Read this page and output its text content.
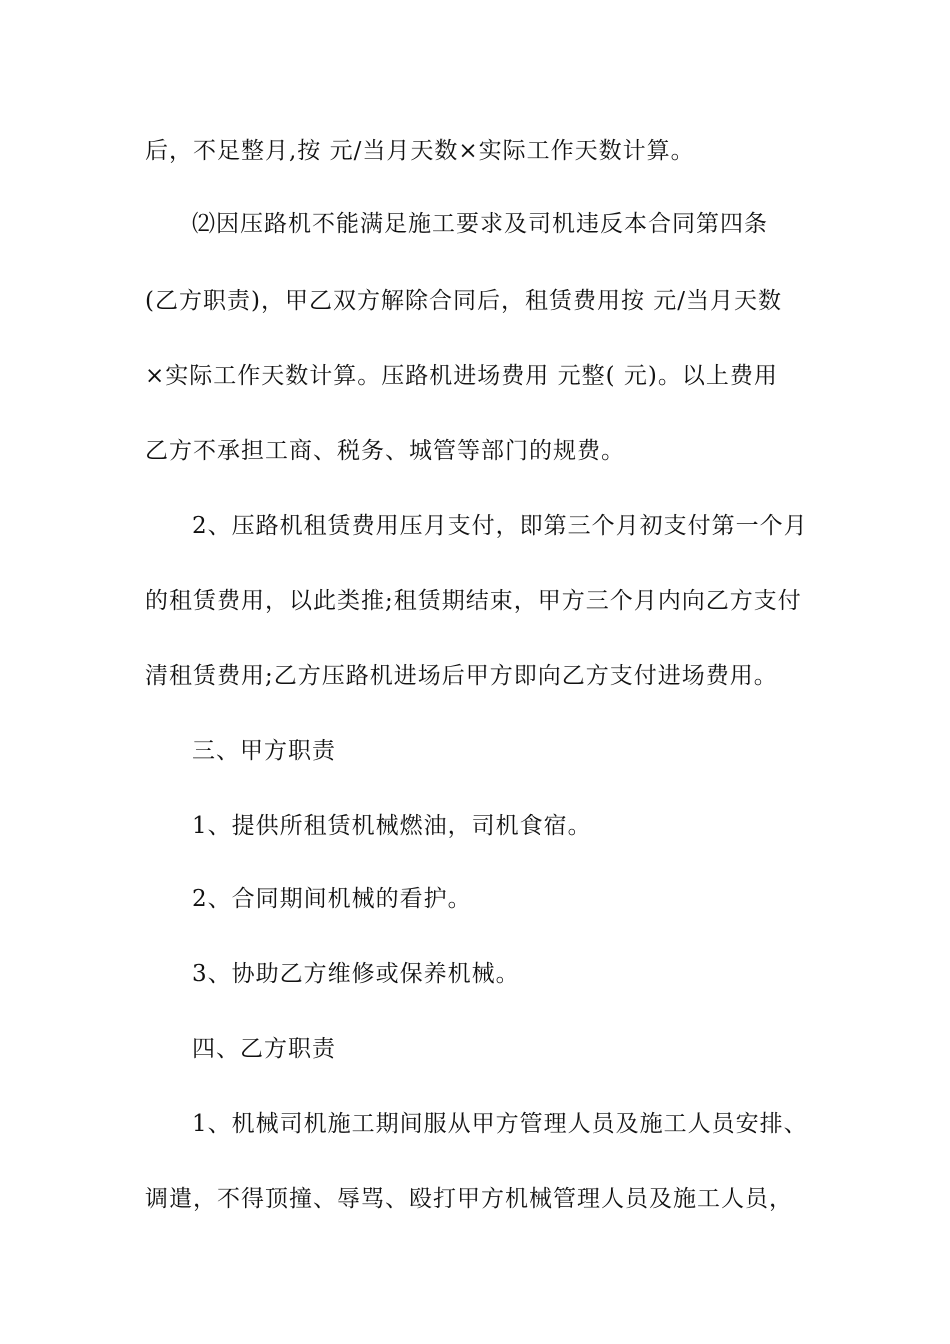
后，不足整月,按 元/当月天数×实际工作天数计算。
⑵因压路机不能满足施工要求及司机违反本合同第四条
(乙方职责)，甲乙双方解除合同后，租赁费用按 元/当月天数
×实际工作天数计算。压路机进场费用 元整( 元)。以上费用
乙方不承担工商、税务、城管等部门的规费。
2、压路机租赁费用压月支付，即第三个月初支付第一个月
的租赁费用，以此类推;租赁期结束，甲方三个月内向乙方支付
清租赁费用;乙方压路机进场后甲方即向乙方支付进场费用。
三、甲方职责
1、提供所租赁机械燃油，司机食宿。
2、合同期间机械的看护。
3、协助乙方维修或保养机械。
四、乙方职责
1、机械司机施工期间服从甲方管理人员及施工人员安排、
调遣，不得顶撞、辱骂、殴打甲方机械管理人员及施工人员，
